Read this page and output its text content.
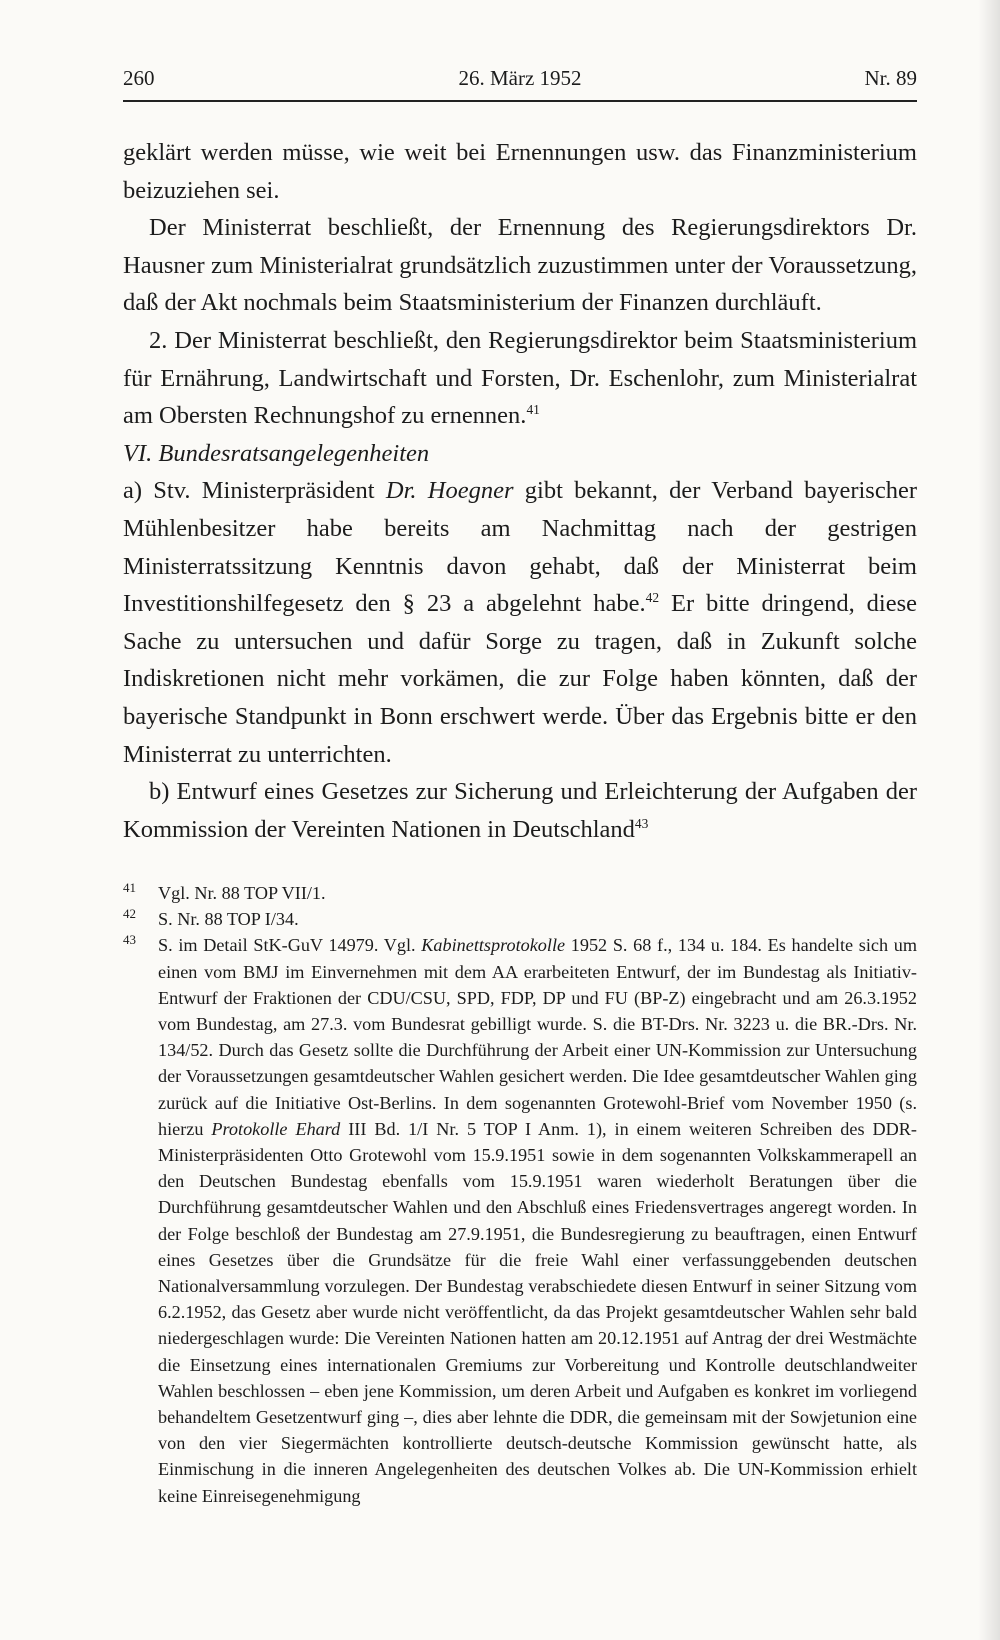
260	26. März 1952	Nr. 89

geklärt werden müsse, wie weit bei Ernennungen usw. das Finanzministerium beizuziehen sei.

Der Ministerrat beschließt, der Ernennung des Regierungsdirektors Dr. Hausner zum Ministerialrat grundsätzlich zuzustimmen unter der Voraussetzung, daß der Akt nochmals beim Staatsministerium der Finanzen durchläuft.

2. Der Ministerrat beschließt, den Regierungsdirektor beim Staatsministerium für Ernährung, Landwirtschaft und Forsten, Dr. Eschenlohr, zum Ministerialrat am Obersten Rechnungshof zu ernennen.$^{41}$

VI. Bundesratsangelegenheiten

a) Stv. Ministerpräsident Dr. Hoegner gibt bekannt, der Verband bayerischer Mühlenbesitzer habe bereits am Nachmittag nach der gestrigen Ministerratssitzung Kenntnis davon gehabt, daß der Ministerrat beim Investitionshilfegesetz den § 23 a abgelehnt habe.$^{42}$ Er bitte dringend, diese Sache zu untersuchen und dafür Sorge zu tragen, daß in Zukunft solche Indiskretionen nicht mehr vorkämen, die zur Folge haben könnten, daß der bayerische Standpunkt in Bonn erschwert werde. Über das Ergebnis bitte er den Ministerrat zu unterrichten.

b) Entwurf eines Gesetzes zur Sicherung und Erleichterung der Aufgaben der Kommission der Vereinten Nationen in Deutschland$^{43}$

$^{41}$ Vgl. Nr. 88 TOP VII/1.

$^{42}$ S. Nr. 88 TOP I/34.

$^{43}$ S. im Detail StK-GuV 14979. Vgl. Kabinettsprotokolle 1952 S. 68 f., 134 u. 184. Es handelte sich um einen vom BMJ im Einvernehmen mit dem AA erarbeiteten Entwurf, der im Bundestag als Initiativ-Entwurf der Fraktionen der CDU/CSU, SPD, FDP, DP und FU (BP-Z) eingebracht und am 26.3.1952 vom Bundestag, am 27.3. vom Bundesrat gebilligt wurde. S. die BT-Drs. Nr. 3223 u. die BR.-Drs. Nr. 134/52. Durch das Gesetz sollte die Durchführung der Arbeit einer UN-Kommission zur Untersuchung der Voraussetzungen gesamtdeutscher Wahlen gesichert werden. Die Idee gesamtdeutscher Wahlen ging zurück auf die Initiative Ost-Berlins. In dem sogenannten Grotewohl-Brief vom November 1950 (s. hierzu Protokolle Ehard III Bd. 1/I Nr. 5 TOP I Anm. 1), in einem weiteren Schreiben des DDR-Ministerpräsidenten Otto Grotewohl vom 15.9.1951 sowie in dem sogenannten Volkskammerapell an den Deutschen Bundestag ebenfalls vom 15.9.1951 waren wiederholt Beratungen über die Durchführung gesamtdeutscher Wahlen und den Abschluß eines Friedensvertrages angeregt worden. In der Folge beschloß der Bundestag am 27.9.1951, die Bundesregierung zu beauftragen, einen Entwurf eines Gesetzes über die Grundsätze für die freie Wahl einer verfassunggebenden deutschen Nationalversammlung vorzulegen. Der Bundestag verabschiedete diesen Entwurf in seiner Sitzung vom 6.2.1952, das Gesetz aber wurde nicht veröffentlicht, da das Projekt gesamtdeutscher Wahlen sehr bald niedergeschlagen wurde: Die Vereinten Nationen hatten am 20.12.1951 auf Antrag der drei Westmächte die Einsetzung eines internationalen Gremiums zur Vorbereitung und Kontrolle deutschlandweiter Wahlen beschlossen – eben jene Kommission, um deren Arbeit und Aufgaben es konkret im vorliegend behandeltem Gesetzentwurf ging –, dies aber lehnte die DDR, die gemeinsam mit der Sowjetunion eine von den vier Siegermächten kontrollierte deutsch-deutsche Kommission gewünscht hatte, als Einmischung in die inneren Angelegenheiten des deutschen Volkes ab. Die UN-Kommission erhielt keine Einreisegenehmigung
